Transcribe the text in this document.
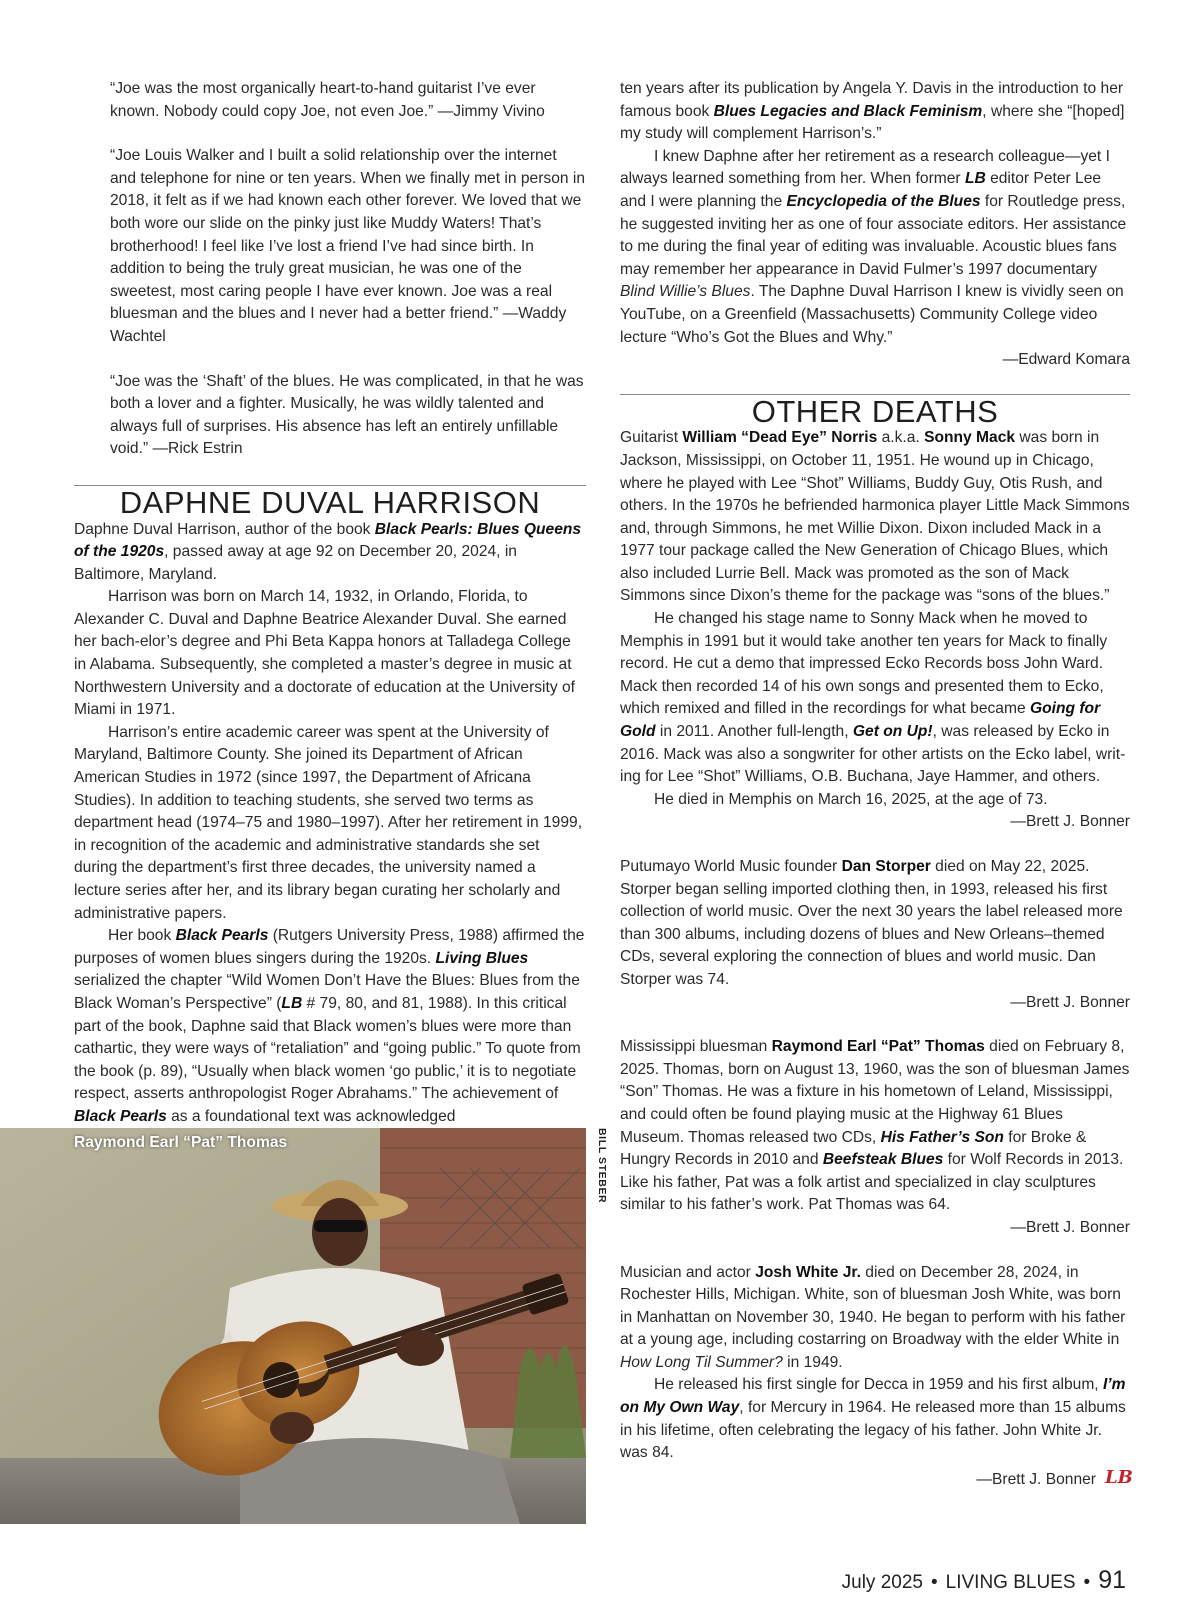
“Joe was the most organically heart-to-hand guitarist I’ve ever known. Nobody could copy Joe, not even Joe.” —Jimmy Vivino

“Joe Louis Walker and I built a solid relationship over the internet and telephone for nine or ten years. When we finally met in person in 2018, it felt as if we had known each other forever. We loved that we both wore our slide on the pinky just like Muddy Waters! That’s brotherhood! I feel like I’ve lost a friend I’ve had since birth. In addition to being the truly great musician, he was one of the sweetest, most caring people I have ever known. Joe was a real bluesman and the blues and I never had a better friend.” —Waddy Wachtel

“Joe was the ‘Shaft’ of the blues. He was complicated, in that he was both a lover and a fighter. Musically, he was wildly talented and always full of surprises. His absence has left an entirely unfillable void.” —Rick Estrin

DAPHNE DUVAL HARRISON

Daphne Duval Harrison, author of the book Black Pearls: Blues Queens of the 1920s, passed away at age 92 on December 20, 2024, in Baltimore, Maryland.

Harrison was born on March 14, 1932, in Orlando, Florida, to Alexander C. Duval and Daphne Beatrice Alexander Duval. She earned her bach-elor’s degree and Phi Beta Kappa honors at Talladega College in Alabama. Subsequently, she completed a master’s degree in music at Northwestern University and a doctorate of education at the University of Miami in 1971.

Harrison’s entire academic career was spent at the University of Maryland, Baltimore County. She joined its Department of African American Studies in 1972 (since 1997, the Department of Africana Studies). In addition to teaching students, she served two terms as department head (1974–75 and 1980–1997). After her retirement in 1999, in recognition of the academic and administrative standards she set during the department’s first three decades, the university named a lecture series after her, and its library began curating her scholarly and administrative papers.

Her book Black Pearls (Rutgers University Press, 1988) affirmed the purposes of women blues singers during the 1920s. Living Blues serialized the chapter “Wild Women Don’t Have the Blues: Blues from the Black Woman’s Perspective” (LB # 79, 80, and 81, 1988). In this critical part of the book, Daphne said that Black women’s blues were more than cathartic, they were ways of “retaliation” and “going public.” To quote from the book (p. 89), “Usually when black women ‘go public,’ it is to negotiate respect, asserts anthropologist Roger Abrahams.” The achievement of Black Pearls as a foundational text was acknowledged

Raymond Earl “Pat” Thomas	BILL STEBER

ten years after its publication by Angela Y. Davis in the introduction to her famous book Blues Legacies and Black Feminism, where she “[hoped] my study will complement Harrison’s.”

I knew Daphne after her retirement as a research colleague—yet I always learned something from her. When former LB editor Peter Lee and I were planning the Encyclopedia of the Blues for Routledge press, he suggested inviting her as one of four associate editors. Her assistance to me during the final year of editing was invaluable. Acoustic blues fans may remember her appearance in David Fulmer’s 1997 documentary Blind Willie’s Blues. The Daphne Duval Harrison I knew is vividly seen on YouTube, on a Greenfield (Massachusetts) Community College video lecture “Who’s Got the Blues and Why.”

—Edward Komara

OTHER DEATHS

Guitarist William “Dead Eye” Norris a.k.a. Sonny Mack was born in Jackson, Mississippi, on October 11, 1951. He wound up in Chicago, where he played with Lee “Shot” Williams, Buddy Guy, Otis Rush, and others. In the 1970s he befriended harmonica player Little Mack Simmons and, through Simmons, he met Willie Dixon. Dixon included Mack in a 1977 tour package called the New Generation of Chicago Blues, which also included Lurrie Bell. Mack was promoted as the son of Mack Simmons since Dixon’s theme for the package was “sons of the blues.”

He changed his stage name to Sonny Mack when he moved to Memphis in 1991 but it would take another ten years for Mack to finally record. He cut a demo that impressed Ecko Records boss John Ward. Mack then recorded 14 of his own songs and presented them to Ecko, which remixed and filled in the recordings for what became Going for Gold in 2011. Another full-length, Get on Up!, was released by Ecko in 2016. Mack was also a songwriter for other artists on the Ecko label, writ-ing for Lee “Shot” Williams, O.B. Buchana, Jaye Hammer, and others.

He died in Memphis on March 16, 2025, at the age of 73.

—Brett J. Bonner

Putumayo World Music founder Dan Storper died on May 22, 2025. Storper began selling imported clothing then, in 1993, released his first collection of world music. Over the next 30 years the label released more than 300 albums, including dozens of blues and New Orleans–themed CDs, several exploring the connection of blues and world music. Dan Storper was 74.

—Brett J. Bonner

Mississippi bluesman Raymond Earl “Pat” Thomas died on February 8, 2025. Thomas, born on August 13, 1960, was the son of bluesman James “Son” Thomas. He was a fixture in his hometown of Leland, Mississippi, and could often be found playing music at the Highway 61 Blues Museum. Thomas released two CDs, His Father’s Son for Broke & Hungry Records in 2010 and Beefsteak Blues for Wolf Records in 2013. Like his father, Pat was a folk artist and specialized in clay sculptures similar to his father’s work. Pat Thomas was 64.

—Brett J. Bonner

Musician and actor Josh White Jr. died on December 28, 2024, in Rochester Hills, Michigan. White, son of bluesman Josh White, was born in Manhattan on November 30, 1940. He began to perform with his father at a young age, including costarring on Broadway with the elder White in How Long Til Summer? in 1949.

He released his first single for Decca in 1959 and his first album, I’m on My Own Way, for Mercury in 1964. He released more than 15 albums in his lifetime, often celebrating the legacy of his father. John White Jr. was 84.

—Brett J. Bonner LB

July 2025 • LIVING BLUES • 91
